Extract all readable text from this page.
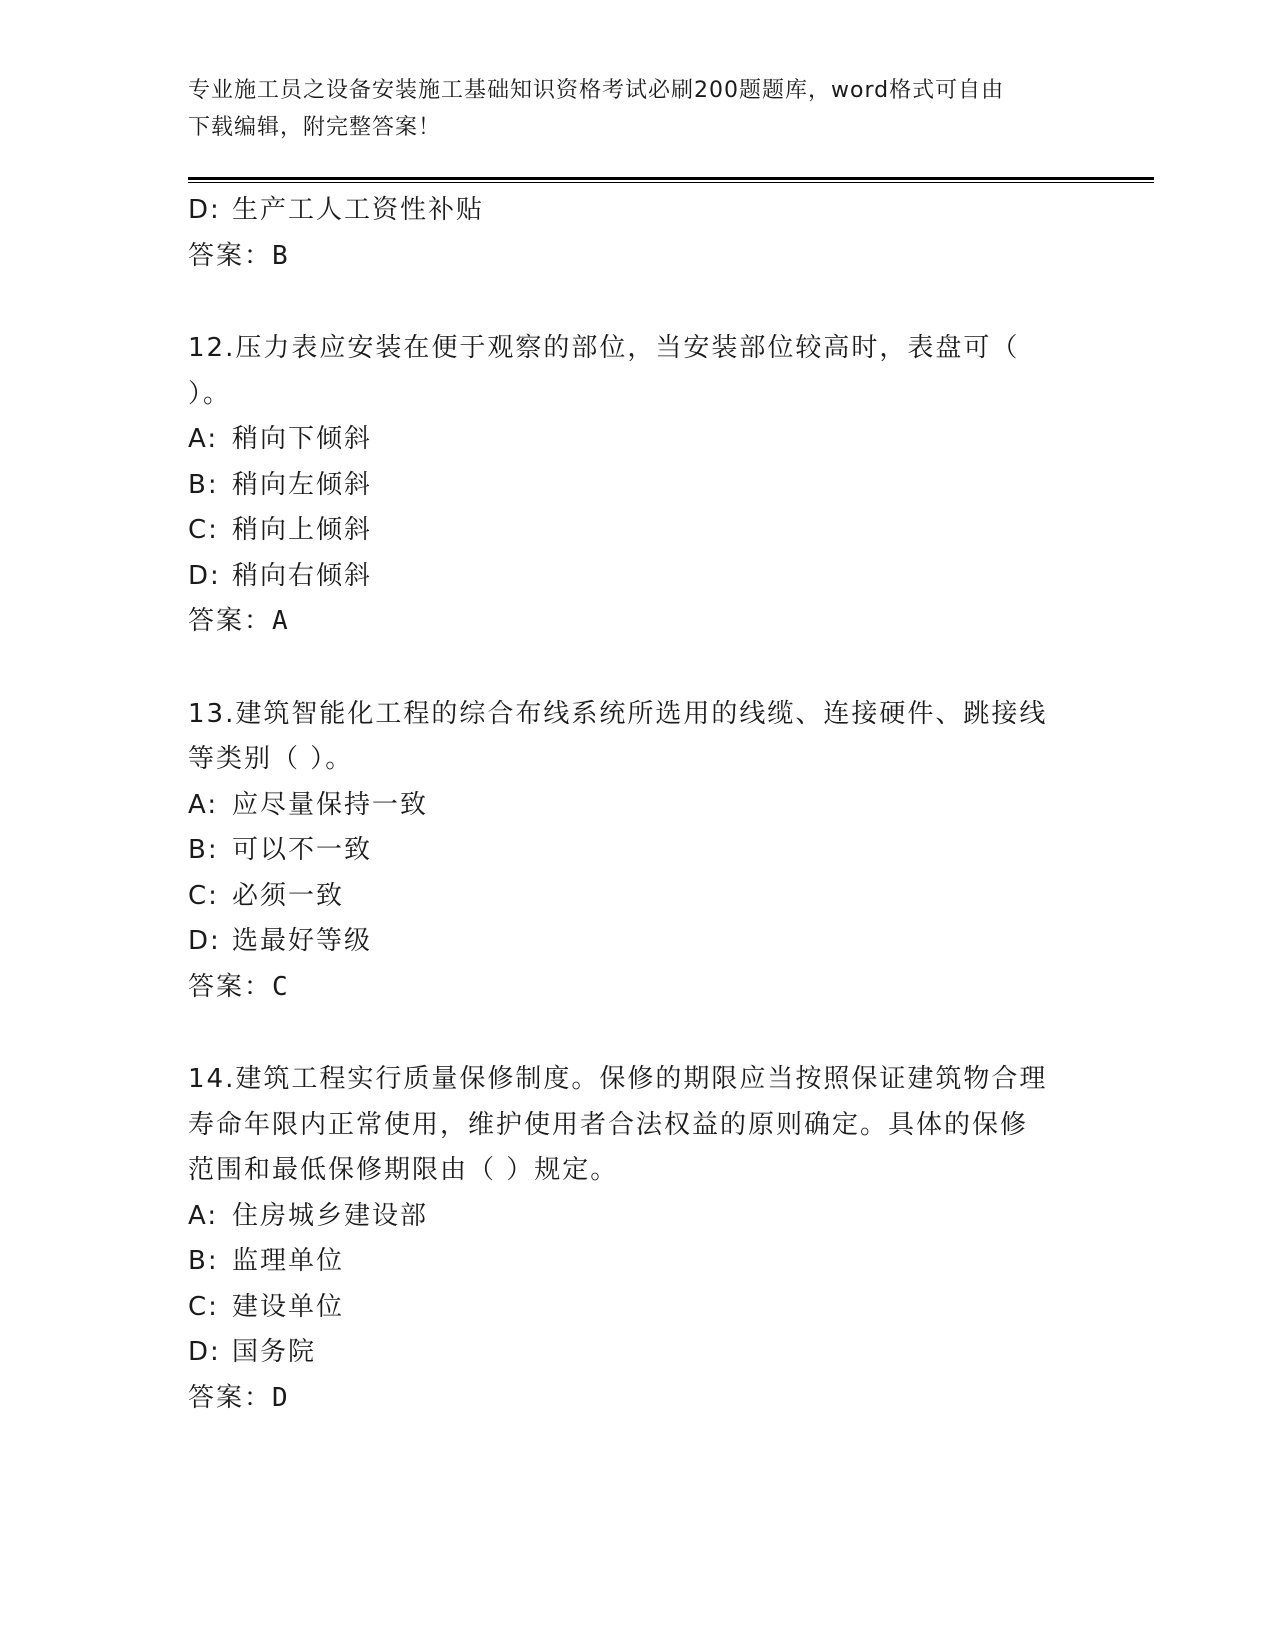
专业施工员之设备安装施工基础知识资格考试必刷200题题库，word格式可自由
下载编辑，附完整答案！
D: 生产工人工资性补贴
答案：B
12.压力表应安装在便于观察的部位，当安装部位较高时，表盘可（
）。
A: 稍向下倾斜
B: 稍向左倾斜
C: 稍向上倾斜
D: 稍向右倾斜
答案：A
13.建筑智能化工程的综合布线系统所选用的线缆、连接硬件、跳接线
等类别（ ）。
A: 应尽量保持一致
B: 可以不一致
C: 必须一致
D: 选最好等级
答案：C
14.建筑工程实行质量保修制度。保修的期限应当按照保证建筑物合理
寿命年限内正常使用，维护使用者合法权益的原则确定。具体的保修
范围和最低保修期限由（ ）规定。
A: 住房城乡建设部
B: 监理单位
C: 建设单位
D: 国务院
答案：D
